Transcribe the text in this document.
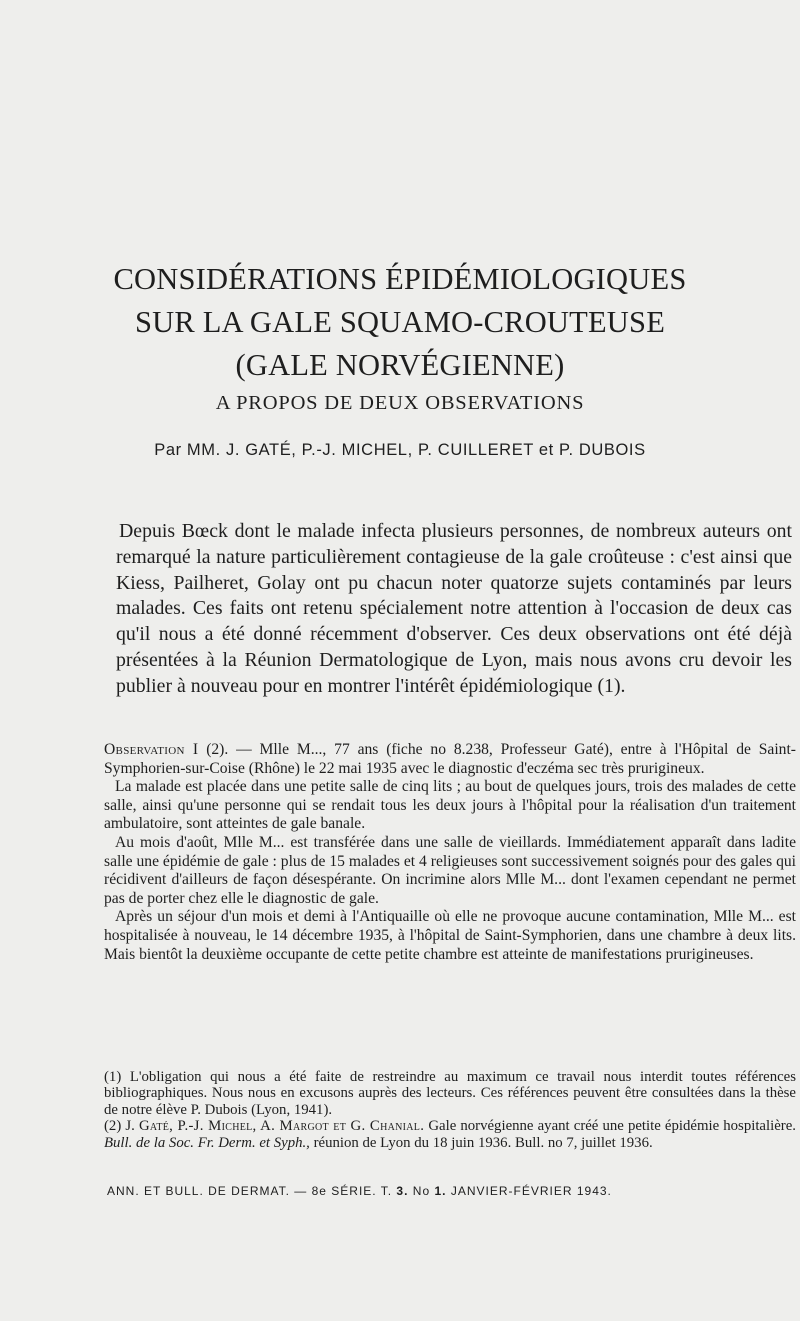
CONSIDÉRATIONS ÉPIDÉMIOLOGIQUES
SUR LA GALE SQUAMO-CROUTEUSE
(GALE NORVÉGIENNE)
A PROPOS DE DEUX OBSERVATIONS
Par MM. J. GATÉ, P.-J. MICHEL, P. CUILLERET et P. DUBOIS
Depuis Bœck dont le malade infecta plusieurs personnes, de nombreux auteurs ont remarqué la nature particulièrement contagieuse de la gale croûteuse : c'est ainsi que Kiess, Pailheret, Golay ont pu chacun noter quatorze sujets contaminés par leurs malades. Ces faits ont retenu spécialement notre attention à l'occasion de deux cas qu'il nous a été donné récemment d'observer. Ces deux observations ont été déjà présentées à la Réunion Dermatologique de Lyon, mais nous avons cru devoir les publier à nouveau pour en montrer l'intérêt épidémiologique (1).

Observation I (2). — Mlle M..., 77 ans (fiche no 8.238, Professeur Gaté), entre à l'Hôpital de Saint-Symphorien-sur-Coise (Rhône) le 22 mai 1935 avec le diagnostic d'eczéma sec très prurigineux.

La malade est placée dans une petite salle de cinq lits ; au bout de quelques jours, trois des malades de cette salle, ainsi qu'une personne qui se rendait tous les deux jours à l'hôpital pour la réalisation d'un traitement ambulatoire, sont atteintes de gale banale.

Au mois d'août, Mlle M... est transférée dans une salle de vieillards. Immédiatement apparaît dans ladite salle une épidémie de gale : plus de 15 malades et 4 religieuses sont successivement soignés pour des gales qui récidivent d'ailleurs de façon désespérante. On incrimine alors Mlle M... dont l'examen cependant ne permet pas de porter chez elle le diagnostic de gale.

Après un séjour d'un mois et demi à l'Antiquaille où elle ne provoque aucune contamination, Mlle M... est hospitalisée à nouveau, le 14 décembre 1935, à l'hôpital de Saint-Symphorien, dans une chambre à deux lits. Mais bientôt la deuxième occupante de cette petite chambre est atteinte de manifestations prurigineuses.

(1) L'obligation qui nous a été faite de restreindre au maximum ce travail nous interdit toutes références bibliographiques. Nous nous en excusons auprès des lecteurs. Ces références peuvent être consultées dans la thèse de notre élève P. Dubois (Lyon, 1941).

(2) J. Gaté, P.-J. Michel, A. Margot et G. Chanial. Gale norvégienne ayant créé une petite épidémie hospitalière. Bull. de la Soc. Fr. Derm. et Syph., réunion de Lyon du 18 juin 1936. Bull. no 7, juillet 1936.

ANN. ET BULL. DE DERMAT. — 8e SÉRIE. T. 3. No 1. JANVIER-FÉVRIER 1943.
